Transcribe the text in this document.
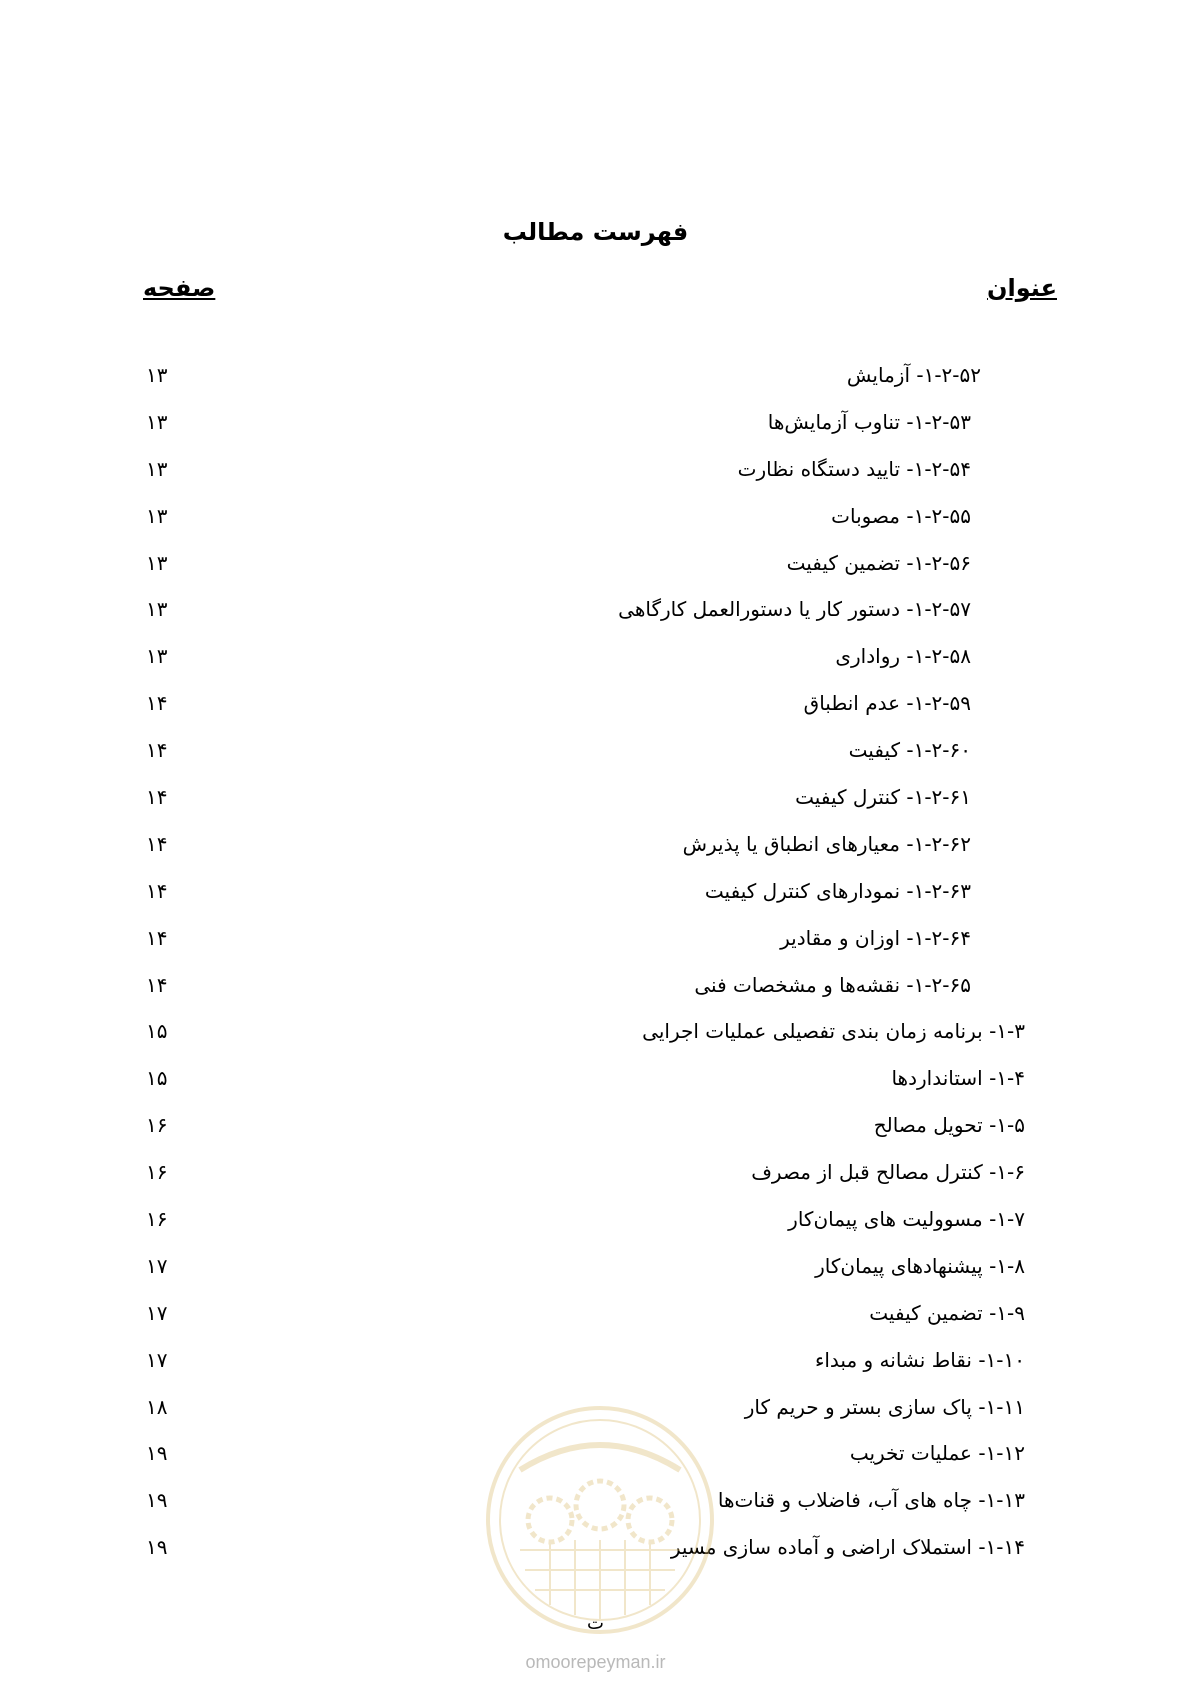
فهرست مطالب
عنوان
صفحه
۱-۲-۵۲- آزمایش
۱۳
۱-۲-۵۳- تناوب آزمایش‌ها
۱۳
۱-۲-۵۴- تایید دستگاه نظارت
۱۳
۱-۲-۵۵- مصوبات
۱۳
۱-۲-۵۶- تضمین کیفیت
۱۳
۱-۲-۵۷- دستور کار یا دستورالعمل کارگاهی
۱۳
۱-۲-۵۸- رواداری
۱۳
۱-۲-۵۹- عدم انطباق
۱۴
۱-۲-۶۰- کیفیت
۱۴
۱-۲-۶۱- کنترل کیفیت
۱۴
۱-۲-۶۲- معیارهای انطباق یا پذیرش
۱۴
۱-۲-۶۳- نمودارهای کنترل کیفیت
۱۴
۱-۲-۶۴- اوزان و مقادیر
۱۴
۱-۲-۶۵- نقشه‌ها و مشخصات فنی
۱۴
۱-۳- برنامه زمان بندی تفصیلی عملیات اجرایی
۱۵
۱-۴- استانداردها
۱۵
۱-۵- تحویل مصالح
۱۶
۱-۶- کنترل مصالح قبل از مصرف
۱۶
۱-۷- مسوولیت های پیمان‌کار
۱۶
۱-۸- پیشنهادهای پیمان‌کار
۱۷
۱-۹- تضمین کیفیت
۱۷
۱-۱۰- نقاط نشانه و مبداء
۱۷
۱-۱۱- پاک سازی بستر و حریم کار
۱۸
۱-۱۲- عملیات تخریب
۱۹
۱-۱۳- چاه های آب، فاضلاب و قنات‌ها
۱۹
۱-۱۴- استملاک اراضی و آماده سازی مسیر
۱۹
ت
omoorepeyman.ir
